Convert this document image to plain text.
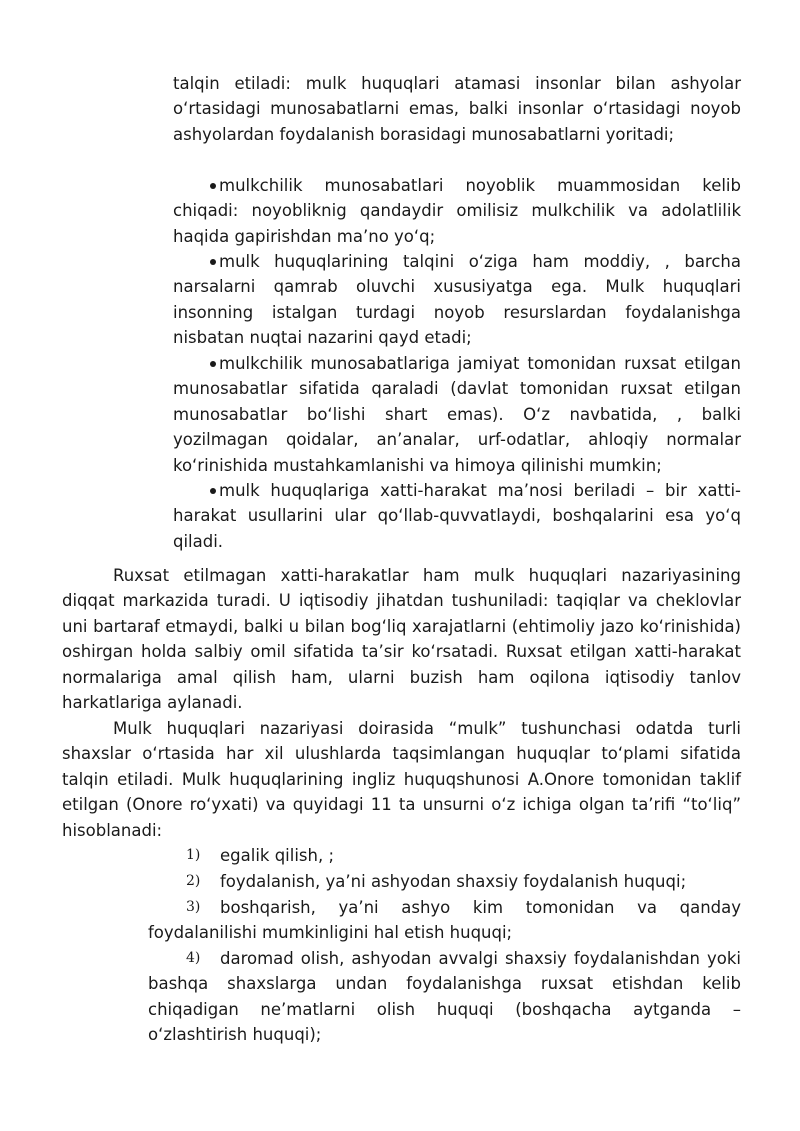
talqin etiladi: mulk huquqlari atamasi insonlar bilan ashyolar o‘rtasidagi munosabatlarni emas, balki insonlar o‘rtasidagi noyob ashyolardan foydalanish borasidagi munosabatlarni yoritadi;

mulkchilik munosabatlari noyoblik muammosidan kelib chiqadi: noyobliknig qandaydir omilisiz mulkchilik va adolatlilik haqida gapirishdan ma’no yo‘q;

mulk huquqlarining talqini o‘ziga ham moddiy, , barcha narsalarni qamrab oluvchi xususiyatga ega. Mulk huquqlari insonning istalgan turdagi noyob resurslardan foydalanishga nisbatan nuqtai nazarini qayd etadi;

mulkchilik munosabatlariga jamiyat tomonidan ruxsat etilgan munosabatlar sifatida qaraladi (davlat tomonidan ruxsat etilgan munosabatlar bo‘lishi shart emas). O‘z navbatida, , balki yozilmagan qoidalar, an’analar, urf-odatlar, ahloqiy normalar ko‘rinishida mustahkamlanishi va himoya qilinishi mumkin;

mulk huquqlariga xatti-harakat ma’nosi beriladi – bir xatti-harakat usullarini ular qo‘llab-quvvatlaydi, boshqalarini esa yo‘q qiladi.

Ruxsat etilmagan xatti-harakatlar ham mulk huquqlari nazariyasining diqqat markazida turadi. U iqtisodiy jihatdan tushuniladi: taqiqlar va cheklovlar uni bartaraf etmaydi, balki u bilan bog‘liq xarajatlarni (ehtimoliy jazo ko‘rinishida) oshirgan holda salbiy omil sifatida ta’sir ko‘rsatadi. Ruxsat etilgan xatti-harakat normalariga amal qilish ham, ularni buzish ham oqilona iqtisodiy tanlov harkatlariga aylanadi.

Mulk huquqlari nazariyasi doirasida “mulk” tushunchasi odatda turli shaxslar o‘rtasida har xil ulushlarda taqsimlangan huquqlar to‘plami sifatida talqin etiladi. Mulk huquqlarining ingliz huquqshunosi A.Onore tomonidan taklif etilgan (Onore ro‘yxati) va quyidagi 11 ta unsurni o‘z ichiga olgan ta’rifi “to‘liq” hisoblanadi:

1)	egalik qilish, ;
2)	foydalanish, ya’ni ashyodan shaxsiy foydalanish huquqi;
3)	boshqarish, ya’ni ashyo kim tomonidan va qanday foydalanilishi mumkinligini hal etish huquqi;
4)	daromad olish, ashyodan avvalgi shaxsiy foydalanishdan yoki bashqa shaxslarga undan foydalanishga ruxsat etishdan kelib chiqadigan ne’matlarni olish huquqi (boshqacha aytganda – o‘zlashtirish huquqi);
